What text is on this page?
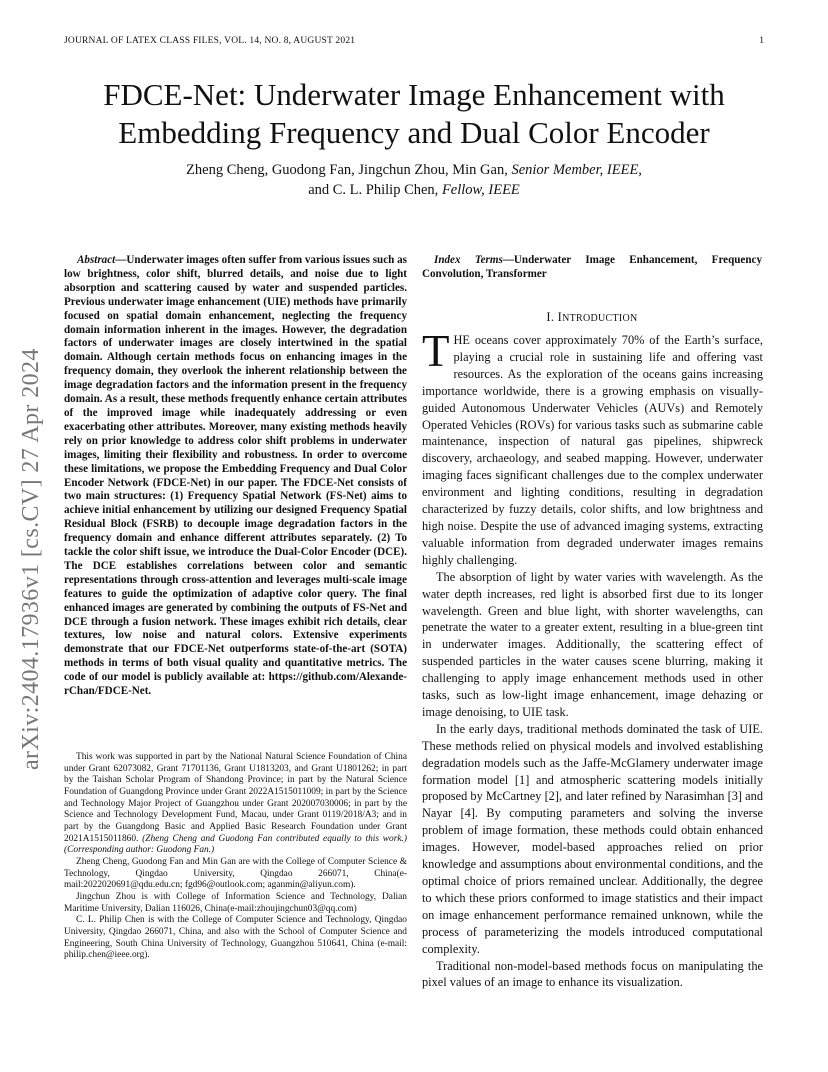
JOURNAL OF LATEX CLASS FILES, VOL. 14, NO. 8, AUGUST 2021	1
FDCE-Net: Underwater Image Enhancement with Embedding Frequency and Dual Color Encoder
Zheng Cheng, Guodong Fan, Jingchun Zhou, Min Gan, Senior Member, IEEE,
and C. L. Philip Chen, Fellow, IEEE
arXiv:2404.17936v1 [cs.CV] 27 Apr 2024
Abstract—Underwater images often suffer from various issues such as low brightness, color shift, blurred details, and noise due to light absorption and scattering caused by water and suspended particles. Previous underwater image enhancement (UIE) methods have primarily focused on spatial domain enhancement, neglecting the frequency domain information inherent in the images. However, the degradation factors of underwater images are closely intertwined in the spatial domain. Although certain methods focus on enhancing images in the frequency domain, they overlook the inherent relationship between the image degradation factors and the information present in the frequency domain. As a result, these methods frequently enhance certain attributes of the improved image while inadequately addressing or even exacerbating other attributes. Moreover, many existing methods heavily rely on prior knowledge to address color shift problems in underwater images, limiting their flexibility and robustness. In order to overcome these limitations, we propose the Embedding Frequency and Dual Color Encoder Network (FDCE-Net) in our paper. The FDCE-Net consists of two main structures: (1) Frequency Spatial Network (FS-Net) aims to achieve initial enhancement by utilizing our designed Frequency Spatial Residual Block (FSRB) to decouple image degradation factors in the frequency domain and enhance different attributes separately. (2) To tackle the color shift issue, we introduce the Dual-Color Encoder (DCE). The DCE establishes correlations between color and semantic representations through cross-attention and leverages multi-scale image features to guide the optimization of adaptive color query. The final enhanced images are generated by combining the outputs of FS-Net and DCE through a fusion network. These images exhibit rich details, clear textures, low noise and natural colors. Extensive experiments demonstrate that our FDCE-Net outperforms state-of-the-art (SOTA) methods in terms of both visual quality and quantitative metrics. The code of our model is publicly available at: https://github.com/Alexande-rChan/FDCE-Net.

This work was supported in part by the National Natural Science Foundation of China under Grant 62073082, Grant 71701136, Grant U1813203, and Grant U1801262; in part by the Taishan Scholar Program of Shandong Province; in part by the Natural Science Foundation of Guangdong Province under Grant 2022A1515011009; in part by the Science and Technology Major Project of Guangzhou under Grant 202007030006; in part by the Science and Technology Development Fund, Macau, under Grant 0119/2018/A3; and in part by the Guangdong Basic and Applied Basic Research Foundation under Grant 2021A1515011860. (Zheng Cheng and Guodong Fan contributed equally to this work.)(Corresponding author: Guodong Fan.)

Zheng Cheng, Guodong Fan and Min Gan are with the College of Computer Science & Technology, Qingdao University, Qingdao 266071, China(e-mail:2022020691@qdu.edu.cn; fgd96@outlook.com; aganmin@aliyun.com).

Jingchun Zhou is with College of Information Science and Technology, Dalian Maritime University, Dalian 116026, China(e-mail:zhoujingchun03@qq.com)

C. L. Philip Chen is with the College of Computer Science and Technology, Qingdao University, Qingdao 266071, China, and also with the School of Computer Science and Engineering, South China University of Technology, Guangzhou 510641, China (e-mail: philip.chen@ieee.org).

Index Terms—Underwater Image Enhancement, Frequency Convolution, Transformer
I. INTRODUCTION

THE oceans cover approximately 70% of the Earth’s surface, playing a crucial role in sustaining life and offering vast resources. As the exploration of the oceans gains increasing importance worldwide, there is a growing emphasis on visually-guided Autonomous Underwater Vehicles (AUVs) and Remotely Operated Vehicles (ROVs) for various tasks such as submarine cable maintenance, inspection of natural gas pipelines, shipwreck discovery, archaeology, and seabed mapping. However, underwater imaging faces significant challenges due to the complex underwater environment and lighting conditions, resulting in degradation characterized by fuzzy details, color shifts, and low brightness and high noise. Despite the use of advanced imaging systems, extracting valuable information from degraded underwater images remains highly challenging.

The absorption of light by water varies with wavelength. As the water depth increases, red light is absorbed first due to its longer wavelength. Green and blue light, with shorter wavelengths, can penetrate the water to a greater extent, resulting in a blue-green tint in underwater images. Additionally, the scattering effect of suspended particles in the water causes scene blurring, making it challenging to apply image enhancement methods used in other tasks, such as low-light image enhancement, image dehazing or image denoising, to UIE task.

In the early days, traditional methods dominated the task of UIE. These methods relied on physical models and involved establishing degradation models such as the Jaffe-McGlamery underwater image formation model [1] and atmospheric scattering models initially proposed by McCartney [2], and later refined by Narasimhan [3] and Nayar [4]. By computing parameters and solving the inverse problem of image formation, these methods could obtain enhanced images. However, model-based approaches relied on prior knowledge and assumptions about environmental conditions, and the optimal choice of priors remained unclear. Additionally, the degree to which these priors conformed to image statistics and their impact on image enhancement performance remained unknown, while the process of parameterizing the models introduced computational complexity.

Traditional non-model-based methods focus on manipulating the pixel values of an image to enhance its visualization.
